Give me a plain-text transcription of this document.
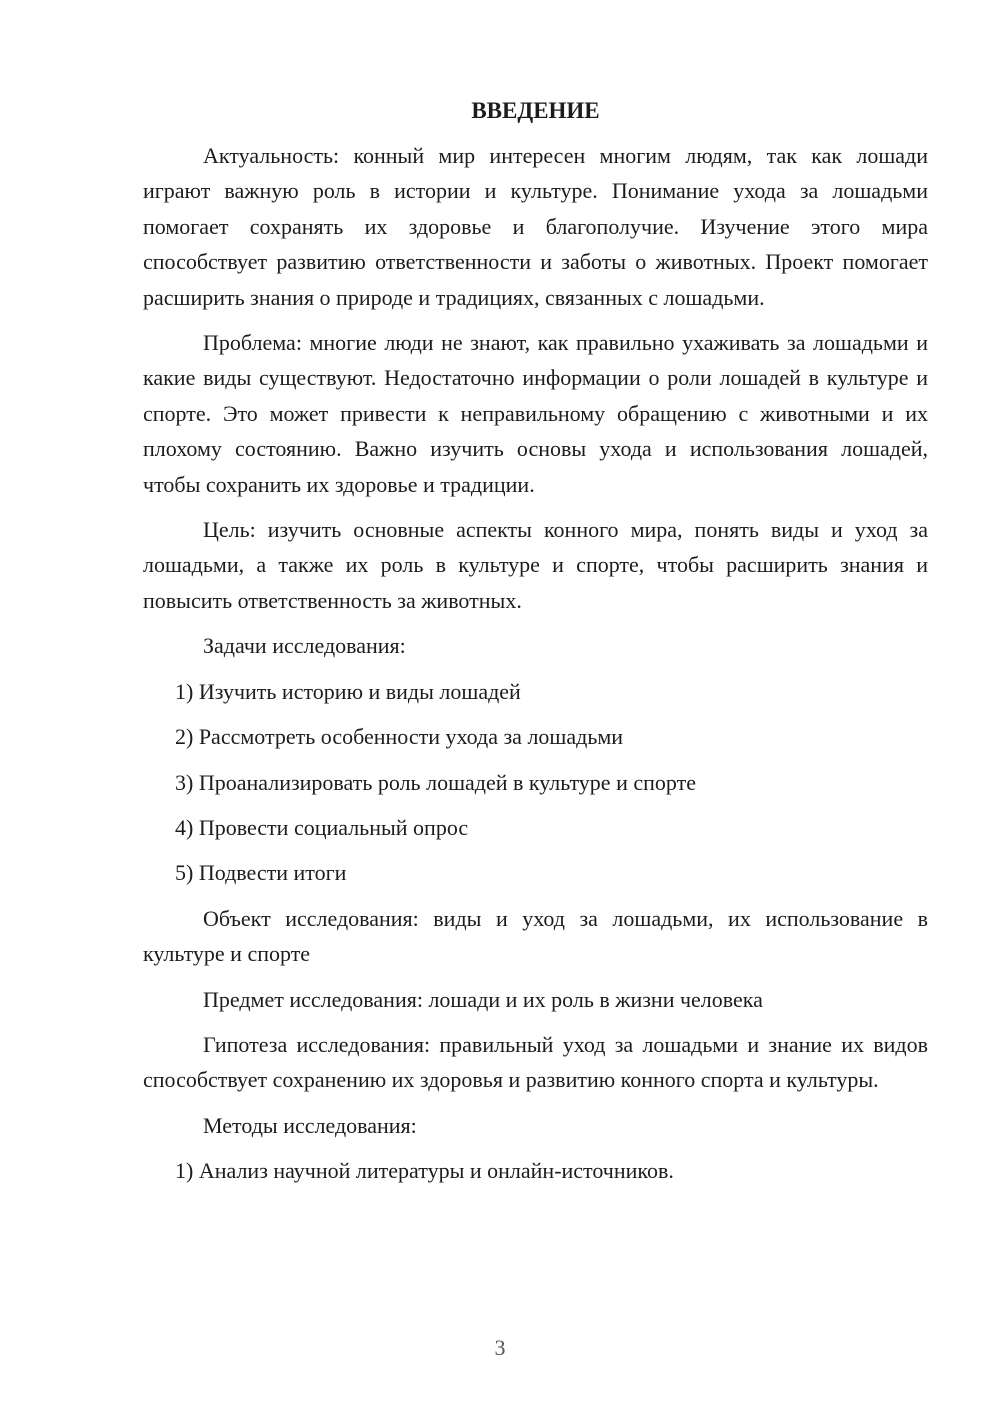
ВВЕДЕНИЕ

Актуальность: конный мир интересен многим людям, так как лошади играют важную роль в истории и культуре. Понимание ухода за лошадьми помогает сохранять их здоровье и благополучие. Изучение этого мира способствует развитию ответственности и заботы о животных. Проект помогает расширить знания о природе и традициях, связанных с лошадьми.

Проблема: многие люди не знают, как правильно ухаживать за лошадьми и какие виды существуют. Недостаточно информации о роли лошадей в культуре и спорте. Это может привести к неправильному обращению с животными и их плохому состоянию. Важно изучить основы ухода и использования лошадей, чтобы сохранить их здоровье и традиции.

Цель: изучить основные аспекты конного мира, понять виды и уход за лошадьми, а также их роль в культуре и спорте, чтобы расширить знания и повысить ответственность за животных.

Задачи исследования:

1) Изучить историю и виды лошадей

2) Рассмотреть особенности ухода за лошадьми

3) Проанализировать роль лошадей в культуре и спорте

4) Провести социальный опрос

5) Подвести итоги

Объект исследования: виды и уход за лошадьми, их использование в культуре и спорте

Предмет исследования: лошади и их роль в жизни человека

Гипотеза исследования: правильный уход за лошадьми и знание их видов способствует сохранению их здоровья и развитию конного спорта и культуры.

Методы исследования:

1) Анализ научной литературы и онлайн-источников.

3
